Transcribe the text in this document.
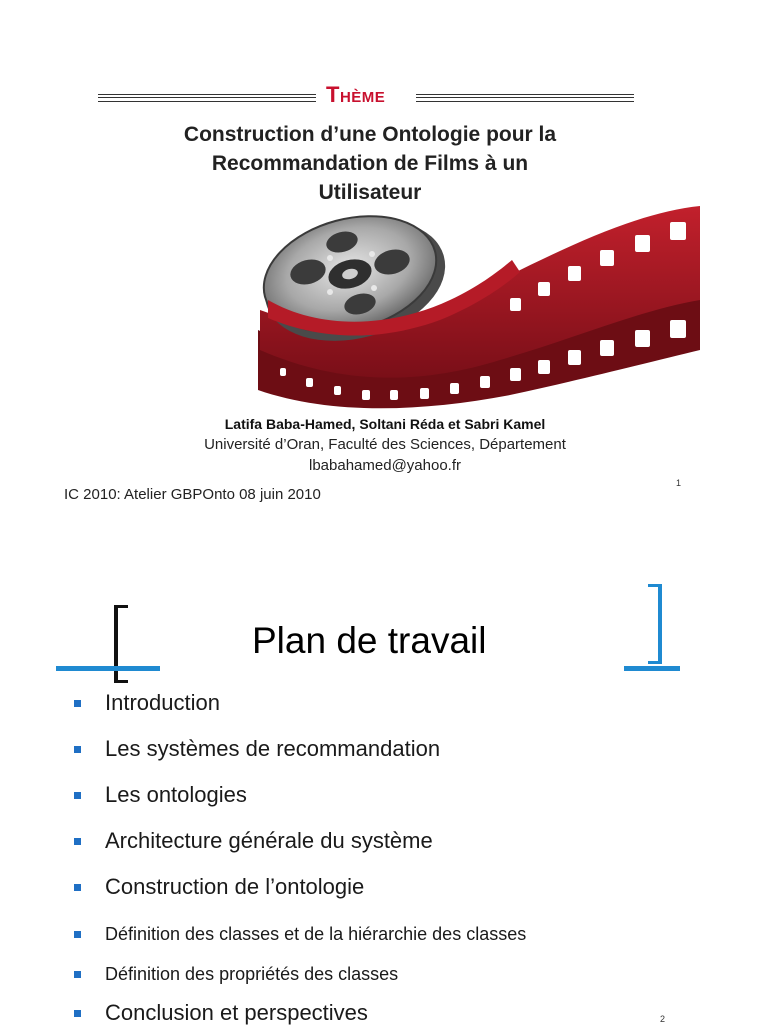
Thème
Construction d’une Ontologie pour la
Recommandation de Films à un
Utilisateur
Latifa Baba-Hamed, Soltani Réda et Sabri Kamel
Université d’Oran, Faculté des Sciences, Département
lbabahamed@yahoo.fr
IC 2010: Atelier GBPOnto 08 juin 2010
1
Plan de travail
Introduction
Les systèmes de recommandation
Les ontologies
Architecture générale du système
Construction de l’ontologie
Définition des classes et de la hiérarchie des classes
Définition des propriétés des classes
Conclusion et perspectives	2
